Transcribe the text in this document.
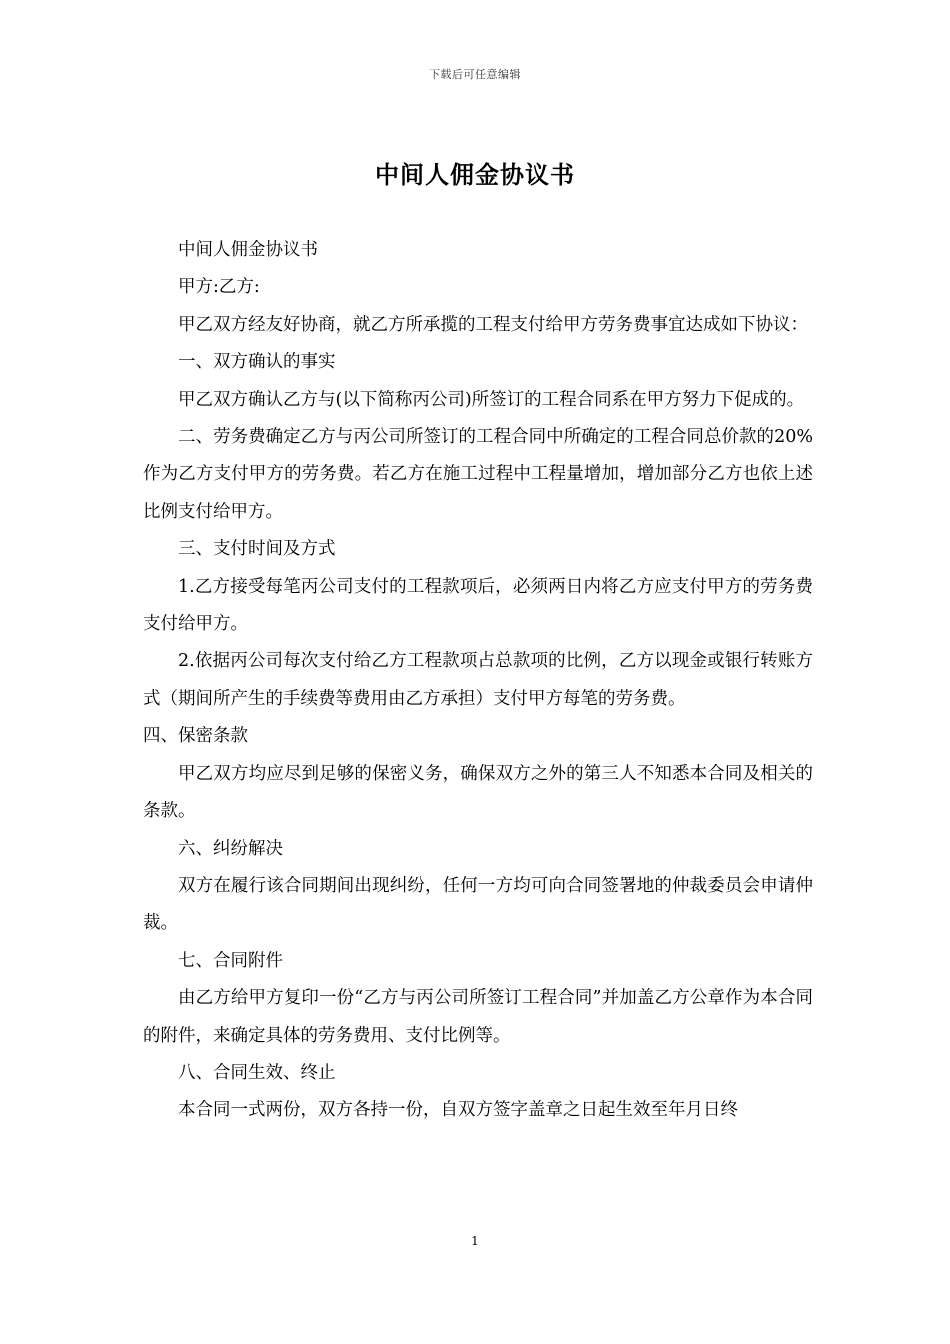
下载后可任意编辑
中间人佣金协议书

中间人佣金协议书

甲方:乙方:

甲乙双方经友好协商，就乙方所承揽的工程支付给甲方劳务费事宜达成如下协议：

一、双方确认的事实

甲乙双方确认乙方与(以下简称丙公司)所签订的工程合同系在甲方努力下促成的。

二、劳务费确定乙方与丙公司所签订的工程合同中所确定的工程合同总价款的20%作为乙方支付甲方的劳务费。若乙方在施工过程中工程量增加，增加部分乙方也依上述比例支付给甲方。

三、支付时间及方式

1.乙方接受每笔丙公司支付的工程款项后，必须两日内将乙方应支付甲方的劳务费支付给甲方。

2.依据丙公司每次支付给乙方工程款项占总款项的比例，乙方以现金或银行转账方式（期间所产生的手续费等费用由乙方承担）支付甲方每笔的劳务费。

四、保密条款

甲乙双方均应尽到足够的保密义务，确保双方之外的第三人不知悉本合同及相关的条款。

六、纠纷解决

双方在履行该合同期间出现纠纷，任何一方均可向合同签署地的仲裁委员会申请仲裁。

七、合同附件

由乙方给甲方复印一份“乙方与丙公司所签订工程合同”并加盖乙方公章作为本合同的附件，来确定具体的劳务费用、支付比例等。

八、合同生效、终止

本合同一式两份，双方各持一份，自双方签字盖章之日起生效至年月日终

1
